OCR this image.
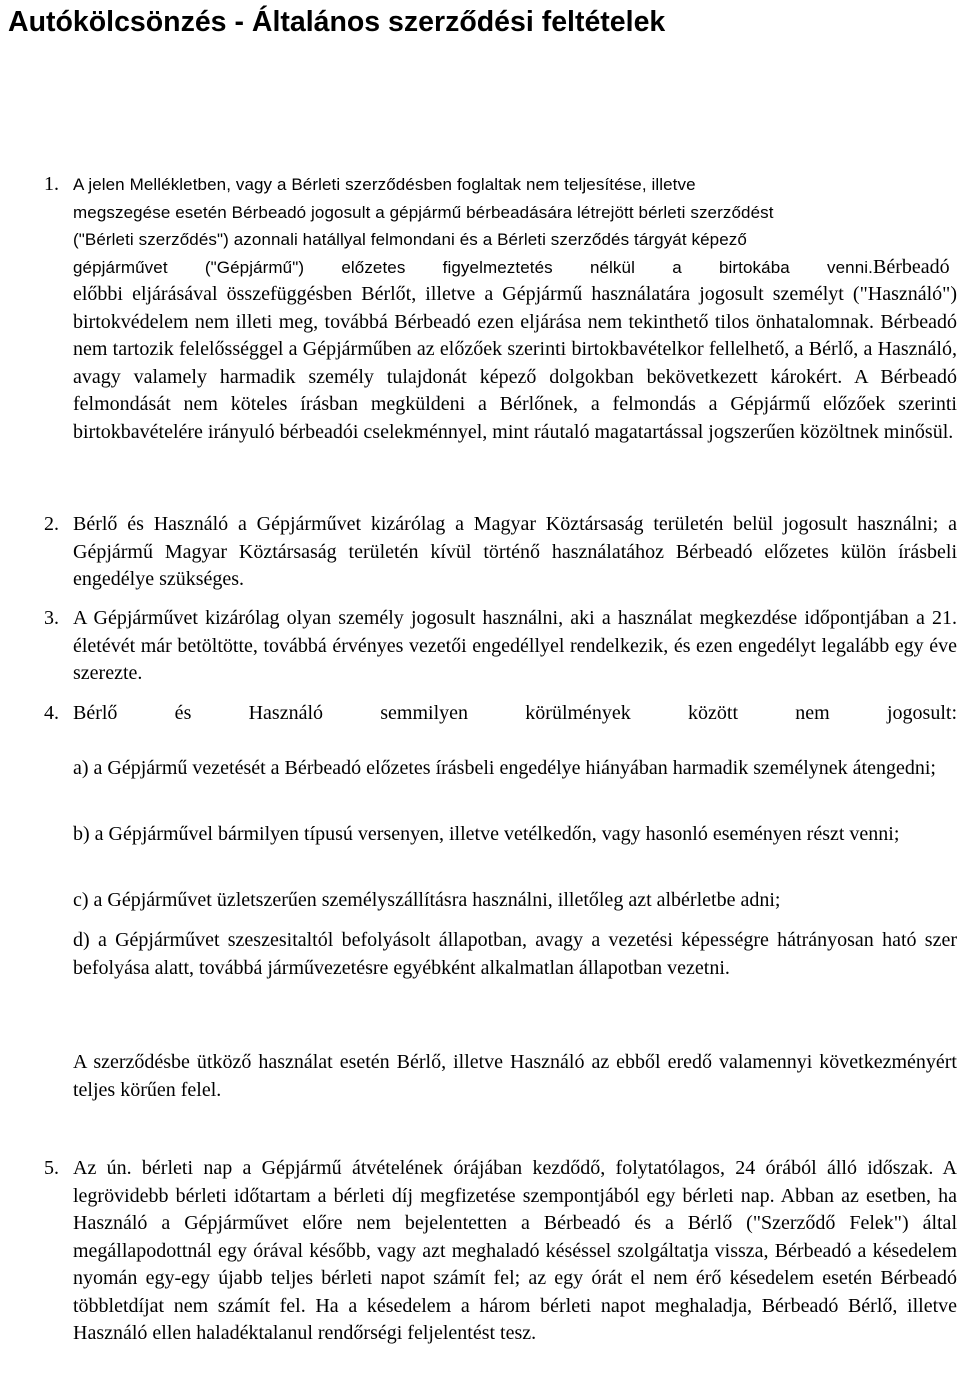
Autókölcsönzés - Általános szerződési feltételek
1. A jelen Mellékletben, vagy a Bérleti szerződésben foglaltak nem teljesítése, illetve
megszegése esetén Bérbeadó jogosult a gépjármű bérbeadására létrejött bérleti szerződést
("Bérleti szerződés") azonnali hatállyal felmondani és a Bérleti szerződés tárgyát képező
gépjárművet ("Gépjármű") előzetes figyelmeztetés nélkül a birtokába venni. Bérbeadó előbbi eljárásával összefüggésben Bérlőt, illetve a Gépjármű használatára jogosult személyt ("Használó") birtokvédelem nem illeti meg, továbbá Bérbeadó ezen eljárása nem tekinthető tilos önhatalomnak. Bérbeadó nem tartozik felelősséggel a Gépjárműben az előzőek szerinti birtokbavételkor fellelhető, a Bérlő, a Használó, avagy valamely harmadik személy tulajdonát képező dolgokban bekövetkezett károkért. A Bérbeadó felmondását nem köteles írásban megküldeni a Bérlőnek, a felmondás a Gépjármű előzőek szerinti birtokbavételére irányuló bérbeadói cselekménnyel, mint ráutaló magatartással jogszerűen közöltnek minősül.

2. Bérlő és Használó a Gépjárművet kizárólag a Magyar Köztársaság területén belül jogosult használni; a Gépjármű Magyar Köztársaság területén kívül történő használatához Bérbeadó előzetes külön írásbeli engedélye szükséges.

3. A Gépjárművet kizárólag olyan személy jogosult használni, aki a használat megkezdése időpontjában a 21. életévét már betöltötte, továbbá érvényes vezetői engedéllyel rendelkezik, és ezen engedélyt legalább egy éve szerezte.

4. Bérlő és Használó semmilyen körülmények között nem jogosult:

a) a Gépjármű vezetését a Bérbeadó előzetes írásbeli engedélye hiányában harmadik személynek átengedni;

b) a Gépjárművel bármilyen típusú versenyen, illetve vetélkedőn, vagy hasonló eseményen részt venni;

c) a Gépjárművet üzletszerűen személyszállításra használni, illetőleg azt albérletbe adni;

d) a Gépjárművet szeszesitaltól befolyásolt állapotban, avagy a vezetési képességre hátrányosan ható szer befolyása alatt, továbbá járművezetésre egyébként alkalmatlan állapotban vezetni.

A szerződésbe ütköző használat esetén Bérlő, illetve Használó az ebből eredő valamennyi következményért teljes körűen felel.

5. Az ún. bérleti nap a Gépjármű átvételének órájában kezdődő, folytatólagos, 24 órából álló időszak. A legrövidebb bérleti időtartam a bérleti díj megfizetése szempontjából egy bérleti nap. Abban az esetben, ha Használó a Gépjárművet előre nem bejelentetten a Bérbeadó és a Bérlő ("Szerződő Felek") által megállapodottnál egy órával később, vagy azt meghaladó késéssel szolgáltatja vissza, Bérbeadó a késedelem nyomán egy-egy újabb teljes bérleti napot számít fel; az egy órát el nem érő késedelem esetén Bérbeadó többletdíjat nem számít fel. Ha a késedelem a három bérleti napot meghaladja, Bérbeadó Bérlő, illetve Használó ellen haladéktalanul rendőrségi feljelentést tesz.
